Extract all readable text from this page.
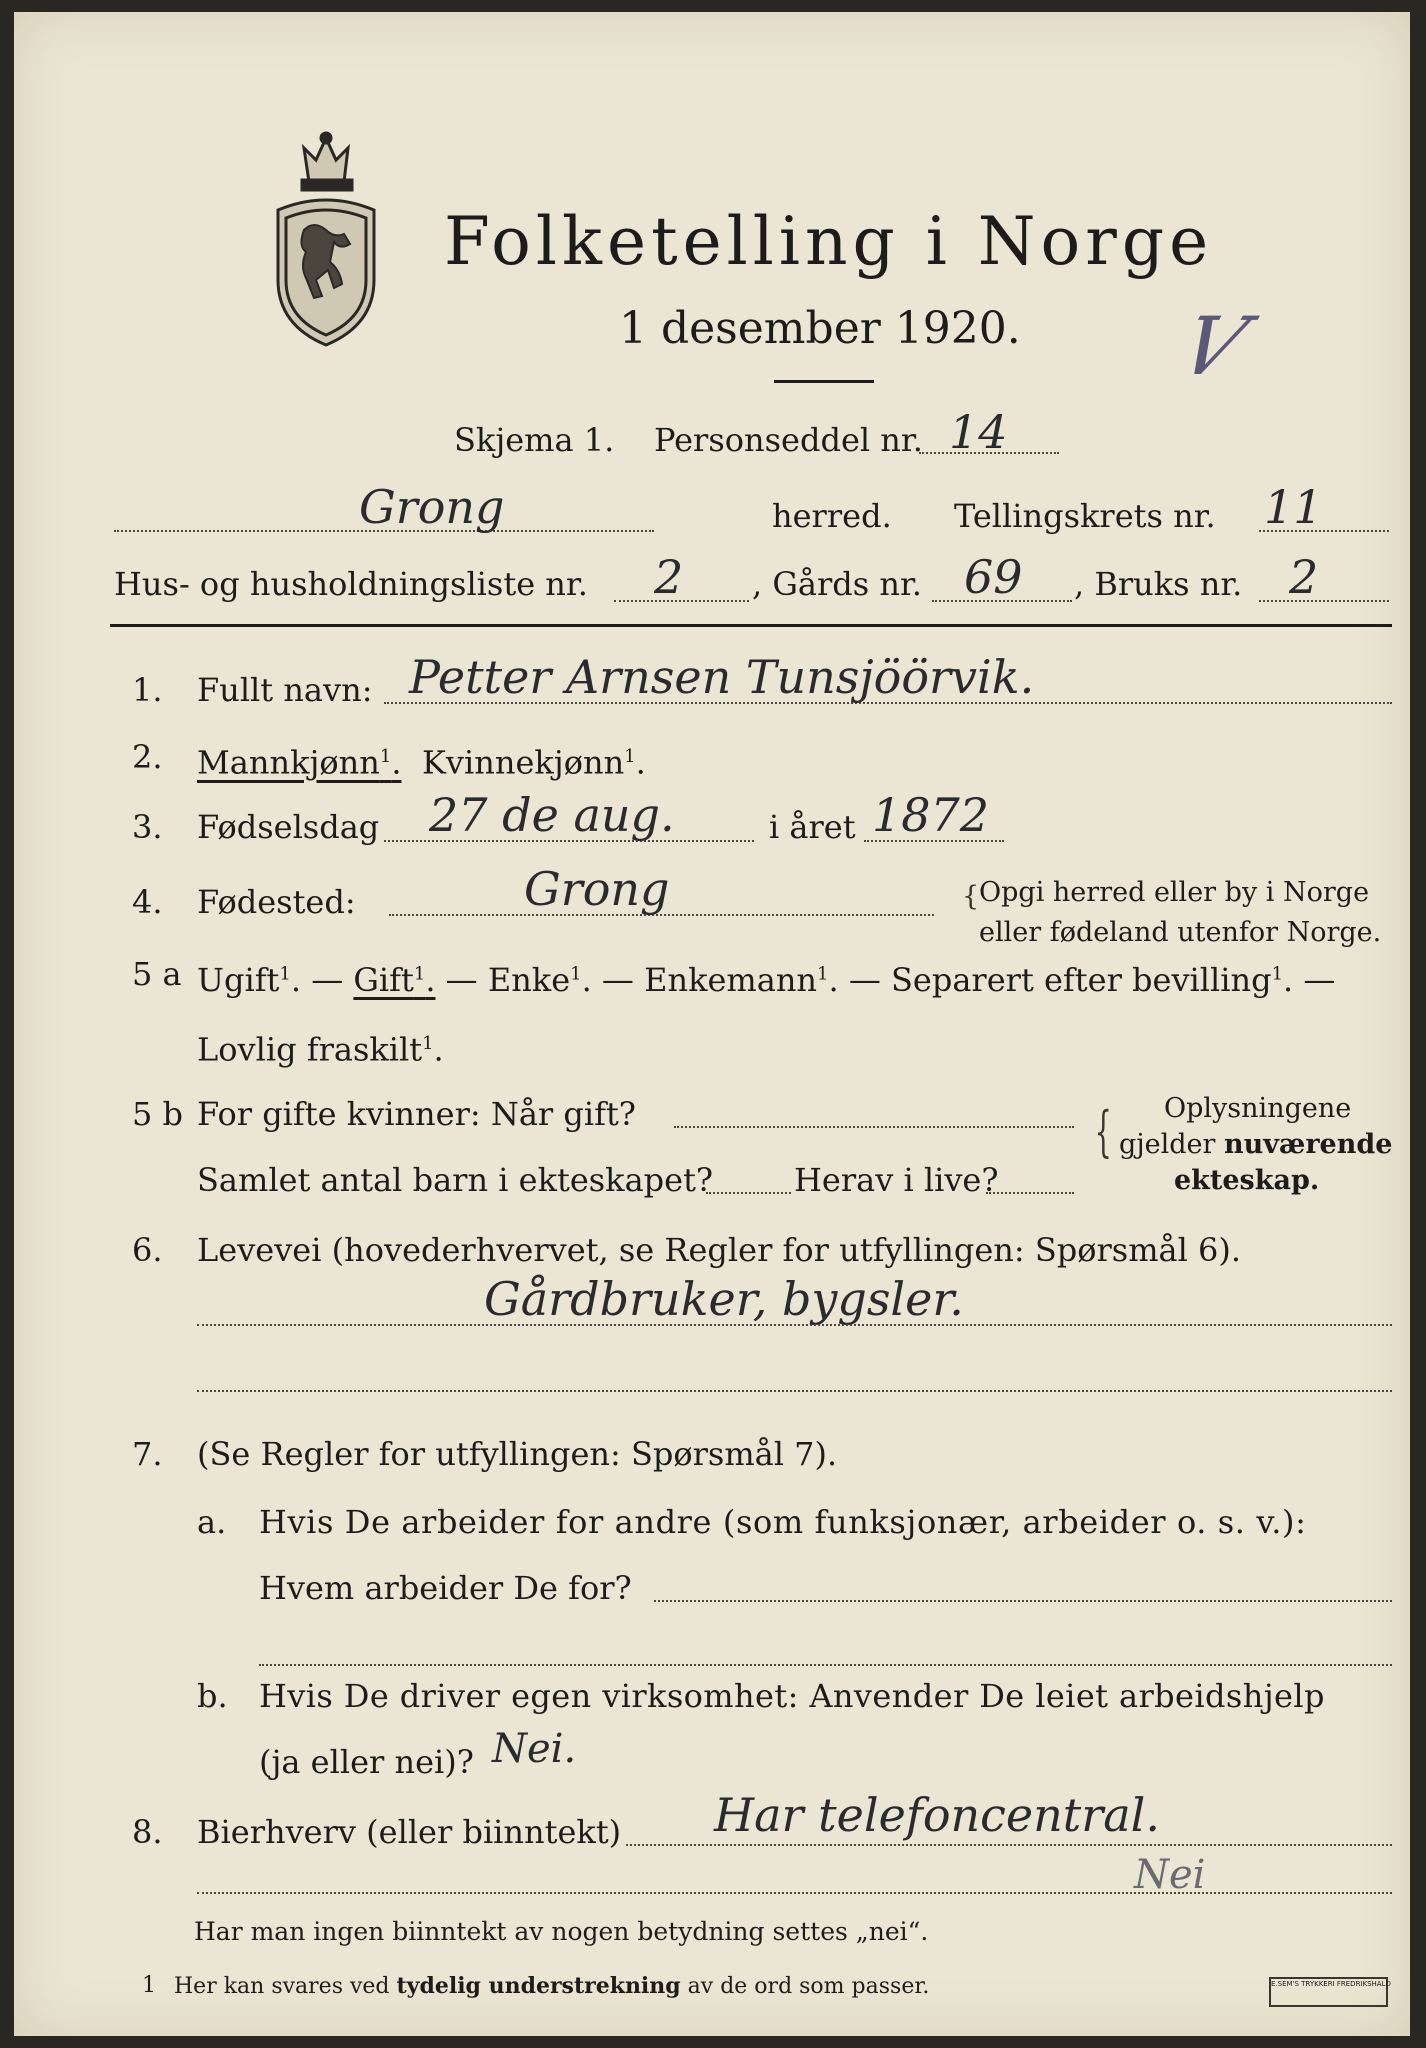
Folketelling i Norge
1 desember 1920. V
Skjema 1. Personseddel nr. 14
Grong	herred. Tellingskrets nr. 11
Hus- og husholdningsliste nr. 2 , Gårds nr. 69 , Bruks nr. 2
1. Fullt navn: Petter Arnsen Tunsjöörvik.
2. Mannkjønn$^1$. Kvinnekjønn$^1$.
3. Fødselsdag 27 de aug.	i året 1872
4. Fødested:	Grong	{ Opgi herred eller by i Norge
eller fødeland utenfor Norge.
5 a Ugift$^1$. — Gift$^1$. — Enke$^1$. — Enkemann$^1$. — Separert efter bevilling$^1$. —
Lovlig fraskilt$^1$.
5 b For gifte kvinner: Når gift?
Samlet antal barn i ekteskapet?	Herav i live?
{ Oplysningene
gjelder nuværende
ekteskap.
6. Levevei (hovederhvervet, se Regler for utfyllingen: Spørsmål 6).
Gårdbruker, bygsler.
7. (Se Regler for utfyllingen: Spørsmål 7).
a. Hvis De arbeider for andre (som funksjonær, arbeider o. s. v.):
Hvem arbeider De for?
b. Hvis De driver egen virksomhet: Anvender De leiet arbeidshjelp
(ja eller nei)? Nei.
8. Bierhverv (eller biinntekt) Har telefoncentral.
Nei
Har man ingen biinntekt av nogen betydning settes „nei“.
1 Her kan svares ved tydelig understrekning av de ord som passer.	E.SEM'S TRYKKERI FREDRIKSHALD
